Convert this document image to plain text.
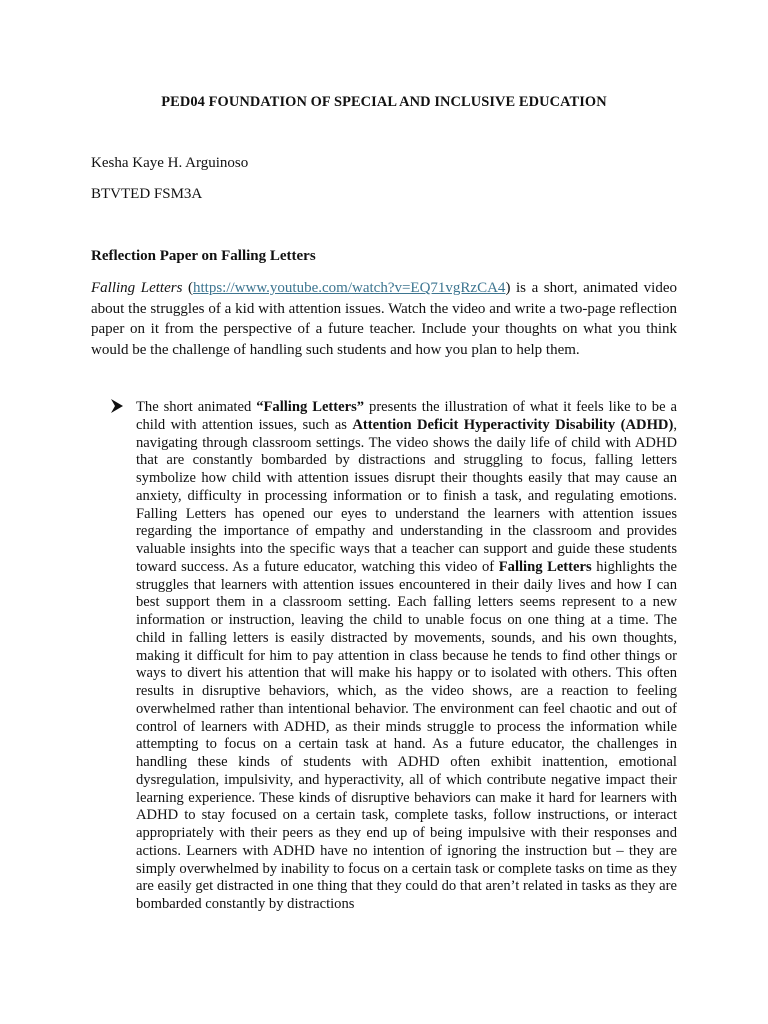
PED04 FOUNDATION OF SPECIAL AND INCLUSIVE EDUCATION
Kesha Kaye H. Arguinoso
BTVTED FSM3A
Reflection Paper on Falling Letters

Falling Letters (https://www.youtube.com/watch?v=EQ71vgRzCA4) is a short, animated video about the struggles of a kid with attention issues. Watch the video and write a two-page reflection paper on it from the perspective of a future teacher. Include your thoughts on what you think would be the challenge of handling such students and how you plan to help them.

The short animated “Falling Letters” presents the illustration of what it feels like to be a child with attention issues, such as Attention Deficit Hyperactivity Disability (ADHD), navigating through classroom settings. The video shows the daily life of child with ADHD that are constantly bombarded by distractions and struggling to focus, falling letters symbolize how child with attention issues disrupt their thoughts easily that may cause an anxiety, difficulty in processing information or to finish a task, and regulating emotions. Falling Letters has opened our eyes to understand the learners with attention issues regarding the importance of empathy and understanding in the classroom and provides valuable insights into the specific ways that a teacher can support and guide these students toward success. As a future educator, watching this video of Falling Letters highlights the struggles that learners with attention issues encountered in their daily lives and how I can best support them in a classroom setting. Each falling letters seems represent to a new information or instruction, leaving the child to unable focus on one thing at a time. The child in falling letters is easily distracted by movements, sounds, and his own thoughts, making it difficult for him to pay attention in class because he tends to find other things or ways to divert his attention that will make his happy or to isolated with others. This often results in disruptive behaviors, which, as the video shows, are a reaction to feeling overwhelmed rather than intentional behavior. The environment can feel chaotic and out of control of learners with ADHD, as their minds struggle to process the information while attempting to focus on a certain task at hand. As a future educator, the challenges in handling these kinds of students with ADHD often exhibit inattention, emotional dysregulation, impulsivity, and hyperactivity, all of which contribute negative impact their learning experience. These kinds of disruptive behaviors can make it hard for learners with ADHD to stay focused on a certain task, complete tasks, follow instructions, or interact appropriately with their peers as they end up of being impulsive with their responses and actions. Learners with ADHD have no intention of ignoring the instruction but – they are simply overwhelmed by inability to focus on a certain task or complete tasks on time as they are easily get distracted in one thing that they could do that aren’t related in tasks as they are bombarded constantly by distractions
